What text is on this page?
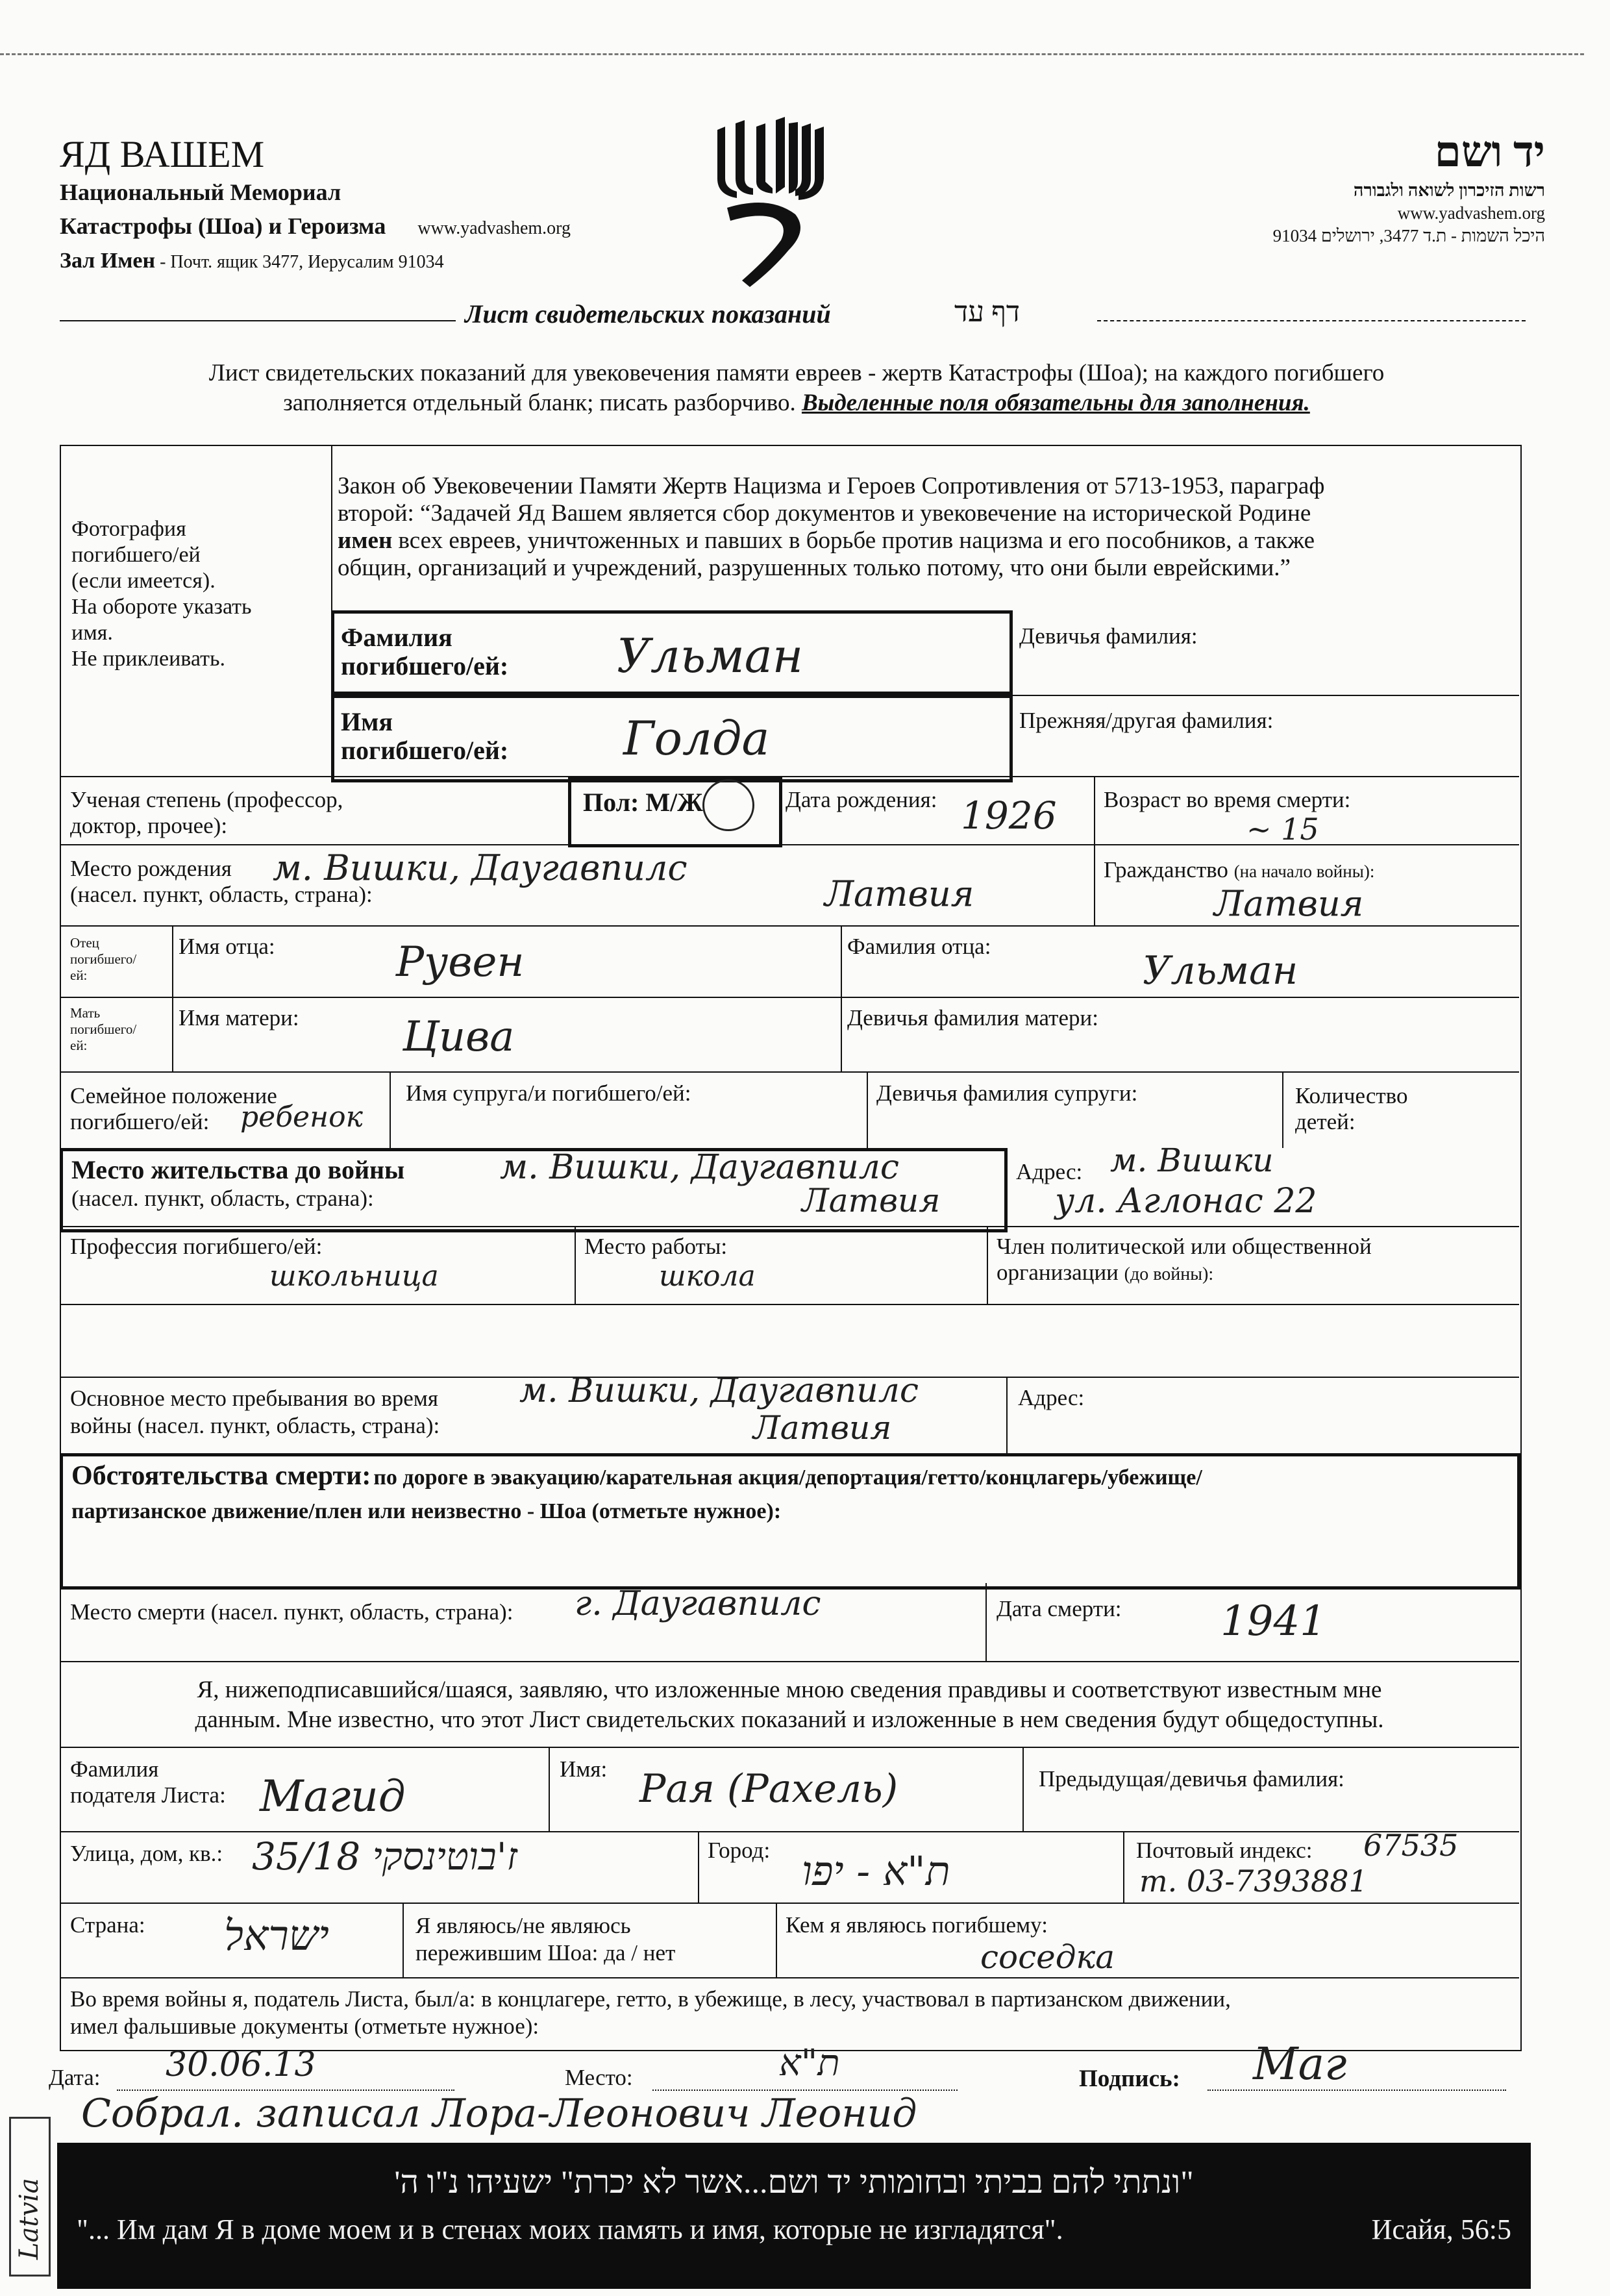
ЯД ВАШЕМ
Национальный Мемориал
Катастрофы (Шоа) и Героизма www.yadvashem.org
Зал Имен - Почт. ящик 3477, Иерусалим 91034
יד ושם
רשות הזיכרון לשואה ולגבורה
www.yadvashem.org
היכל השמות - ת.ד 3477, ירושלים 91034
Лист свидетельских показаний	דף עד
Лист свидетельских показаний для увековечения памяти евреев - жертв Катастрофы (Шоа); на каждого погибшего
заполняется отдельный бланк; писать разборчиво. Выделенные поля обязательны для заполнения.
Фотография
погибшего/ей
(если имеется).
На обороте указать
имя.
Не приклеивать.
Закон об Увековечении Памяти Жертв Нацизма и Героев Сопротивления от 5713-1953, параграф
второй: “Задачей Яд Вашем является сбор документов и увековечение на исторической Родине
имен всех евреев, уничтоженных и павших в борьбе против нацизма и его пособников, а также
общин, организаций и учреждений, разрушенных только потому, что они были еврейскими.”
Фамилия
погибшего/ей: Ульман	Девичья фамилия:
Имя
погибшего/ей: Голда	Прежняя/другая фамилия:
Ученая степень (профессор,
доктор, прочее):
Пол: М/Ж	Дата рождения: 1926 Возраст во время смерти:
~ 15
Место рождения
(насел. пункт, область, страна):
м. Вишки, Даугавпилс
Латвия
Гражданство (на начало войны):
Латвия
Отец
погибшего/
ей:
Имя отца:	Рувен	Фамилия отца:
Ульман
Мать
погибшего/
ей:
Имя матери: Цива	Девичья фамилия матери:
Семейное положение
погибшего/ей:	ребенок
Имя супруга/и погибшего/ей:	Девичья фамилия супруги:	Количество
детей:
Место жительства до войны
(насел. пункт, область, страна):
м. Вишки, Даугавпилс
Латвия
Адрес: м. Вишки
ул. Аглонас 22
Профессия погибшего/ей:
школьница
Место работы:
школа
Член политической или общественной
организации (до войны):
Основное место пребывания во время
войны (насел. пункт, область, страна):
м. Вишки, Даугавпилс
Латвия
Адрес:
Обстоятельства смерти: по дороге в эвакуацию/карательная акция/депортация/гетто/концлагерь/убежище/
партизанское движение/плен или неизвестно - Шоа (отметьте нужное):
Место смерти (насел. пункт, область, страна): г. Даугавпилс	Дата смерти: 1941
Я, нижеподписавшийся/шаяся, заявляю, что изложенные мною сведения правдивы и соответствуют известным мне
данным. Мне известно, что этот Лист свидетельских показаний и изложенные в нем сведения будут общедоступны.
Фамилия
подателя Листа: Магид
Имя: Рая (Рахель)	Предыдущая/девичья фамилия:
Улица, дом, кв.: 35/18 ז'בוטינסקי	Город: ת"א - יפו	Почтовый индекс: 67535
т. 03-7393881
Страна: ישראל	Я являюсь/не являюсь
пережившим Шоа: да / нет
Кем я являюсь погибшему:
соседка
Во время войны я, податель Листа, был/а: в концлагере, гетто, в убежище, в лесу, участвовал в партизанском движении,
имел фальшивые документы (отметьте нужное):
Дата: 30.06.13	Место:	ת"א	Подпись: Маг
Собрал. записал Лора-Леонович Леонид
Latvia	"ונתתי להם בביתי ובחומותי יד ושם...אשר לא יכרת" ישעיהו נ"ו ה'
"... Им дам Я в доме моем и в стенах моих память и имя, которые не изгладятся".	Исайя, 56:5
